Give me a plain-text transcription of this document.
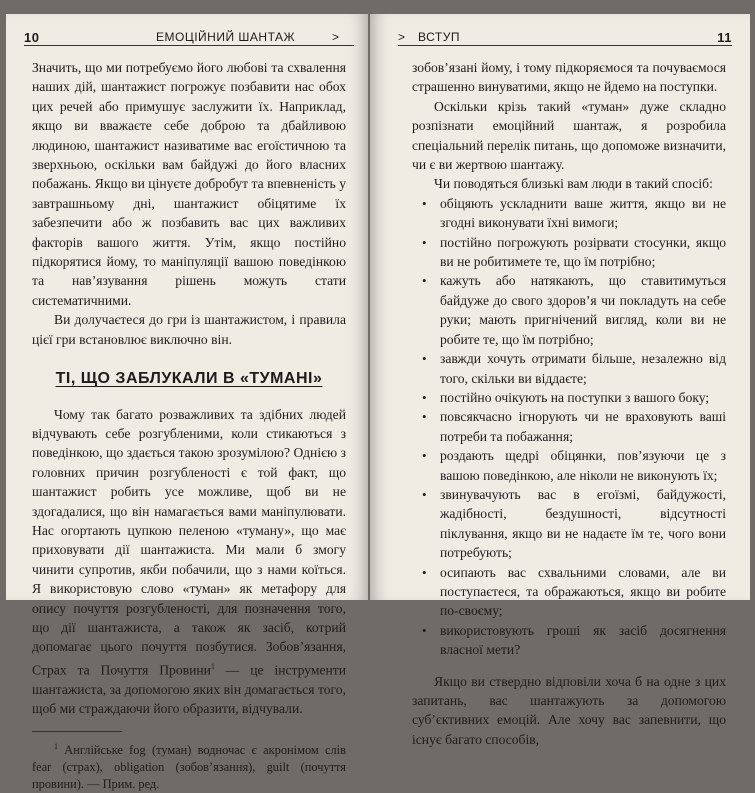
10	ЕМОЦІЙНИЙ ШАНТАЖ	>

Значить, що ми потребуємо його любові та схвалення наших дій, шантажист погрожує позбавити нас обох цих речей або примушує заслужити їх. Наприклад, якщо ви вважаєте себе доброю та дбайливою людиною, шантажист називатиме вас егоїстичною та зверхньою, оскільки вам байдужі до його власних побажань. Якщо ви цінуєте добробут та впевненість у завтрашньому дні, шантажист обіцятиме їх забезпечити або ж позбавить вас цих важливих факторів вашого життя. Утім, якщо постійно підкорятися йому, то маніпуляції вашою поведінкою та нав’язування рішень можуть стати систематичними.

Ви долучаєтеся до гри із шантажистом, і правила цієї гри встановлює виключно він.

ТІ, ЩО ЗАБЛУКАЛИ В «ТУМАНІ»

Чому так багато розважливих та здібних людей відчувають себе розгубленими, коли стикаються з поведінкою, що здається такою зрозумілою? Однією з головних причин розгубленості є той факт, що шантажист робить усе можливе, щоб ви не здогадалися, що він намагається вами маніпулювати. Нас огортають цупкою пеленою «туману», що має приховувати дії шантажиста. Ми мали б змогу чинити супротив, якби побачили, що з нами коїться. Я використовую слово «туман» як метафору для опису почуття розгубленості, для позначення того, що дії шантажиста, а також як засіб, котрий допомагає цього почуття позбутися. Зобов’язання, Страх та Почуття Провини$^1$ — це інструменти шантажиста, за допомогою яких він домагається того, щоб ми страждаючи його образити, відчували.

$^1$ Англійське fog (туман) водночас є акронімом слів fear (страх), obligation (зобов’язання), guilt (почуття провини). — Прим. ред.

> ВСТУП	11

зобов’язані йому, і тому підкоряємося та почуваємося страшенно винуватими, якщо не йдемо на поступки.

Оскільки крізь такий «туман» дуже складно розпізнати емоційний шантаж, я розробила спеціальний перелік питань, що допоможе визначити, чи є ви жертвою шантажу.

Чи поводяться близькі вам люди в такий спосіб:

• обіцяють ускладнити ваше життя, якщо ви не згодні виконувати їхні вимоги;
• постійно погрожують розірвати стосунки, якщо ви не робитимете те, що їм потрібно;
• кажуть або натякають, що ставитимуться байдуже до свого здоров’я чи покладуть на себе руки; мають пригнічений вигляд, коли ви не робите те, що їм потрібно;
• завжди хочуть отримати більше, незалежно від того, скільки ви віддаєте;
• постійно очікують на поступки з вашого боку;
• повсякчасно ігнорують чи не враховують ваші потреби та побажання;
• роздають щедрі обіцянки, пов’язуючи це з вашою поведінкою, але ніколи не виконують їх;
• звинувачують вас в егоїзмі, байдужості, жадібності, бездушності, відсутності піклування, якщо ви не надаєте їм те, чого вони потребують;
• осипають вас схвальними словами, але ви поступаєтеся, та ображаються, якщо ви робите по-своєму;
• використовують гроші як засіб досягнення власної мети?

Якщо ви ствердно відповіли хоча б на одне з цих запитань, вас шантажують за допомогою суб’єктивних емоцій. Але хочу вас запевнити, що існує багато способів,
